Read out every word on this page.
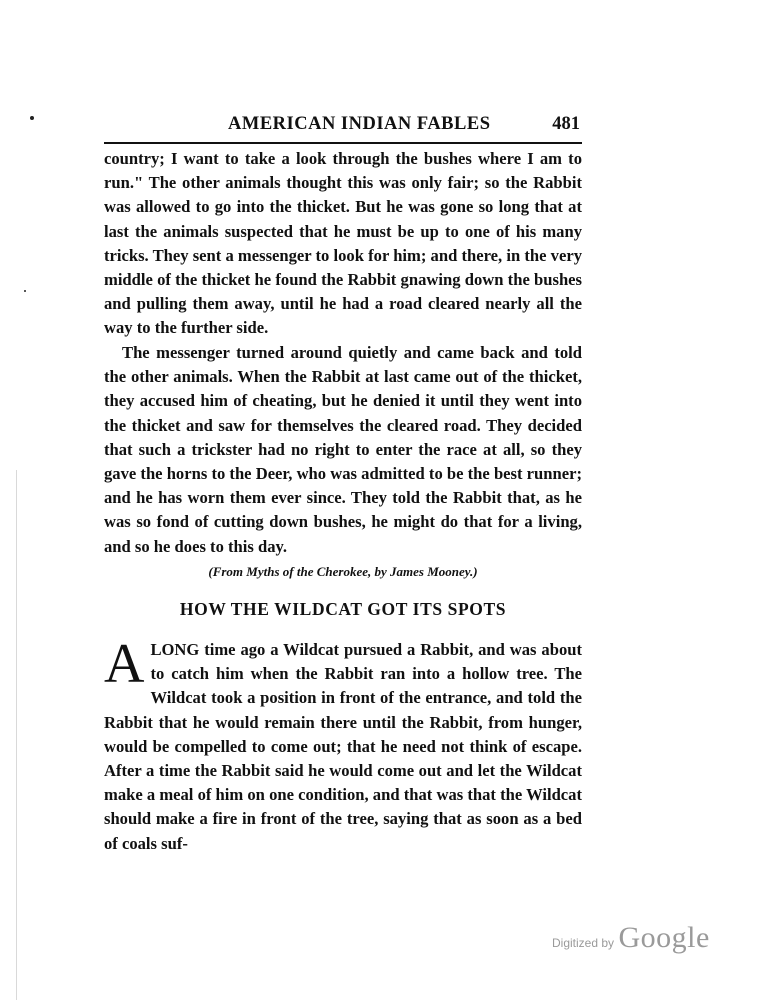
AMERICAN INDIAN FABLES	481

country; I want to take a look through the bushes where I am to run." The other animals thought this was only fair; so the Rabbit was allowed to go into the thicket. But he was gone so long that at last the animals suspected that he must be up to one of his many tricks. They sent a messenger to look for him; and there, in the very middle of the thicket he found the Rabbit gnawing down the bushes and pulling them away, until he had a road cleared nearly all the way to the further side.

The messenger turned around quietly and came back and told the other animals. When the Rabbit at last came out of the thicket, they accused him of cheating, but he denied it until they went into the thicket and saw for themselves the cleared road. They decided that such a trickster had no right to enter the race at all, so they gave the horns to the Deer, who was admitted to be the best runner; and he has worn them ever since. They told the Rabbit that, as he was so fond of cutting down bushes, he might do that for a living, and so he does to this day.

(From Myths of the Cherokee, by James Mooney.)
HOW THE WILDCAT GOT ITS SPOTS

ALONG time ago a Wildcat pursued a Rabbit, and was about to catch him when the Rabbit ran into a hollow tree. The Wildcat took a position in front of the entrance, and told the Rabbit that he would remain there until the Rabbit, from hunger, would be compelled to come out; that he need not think of escape. After a time the Rabbit said he would come out and let the Wildcat make a meal of him on one condition, and that was that the Wildcat should make a fire in front of the tree, saying that as soon as a bed of coals suf-

Digitized by Google
